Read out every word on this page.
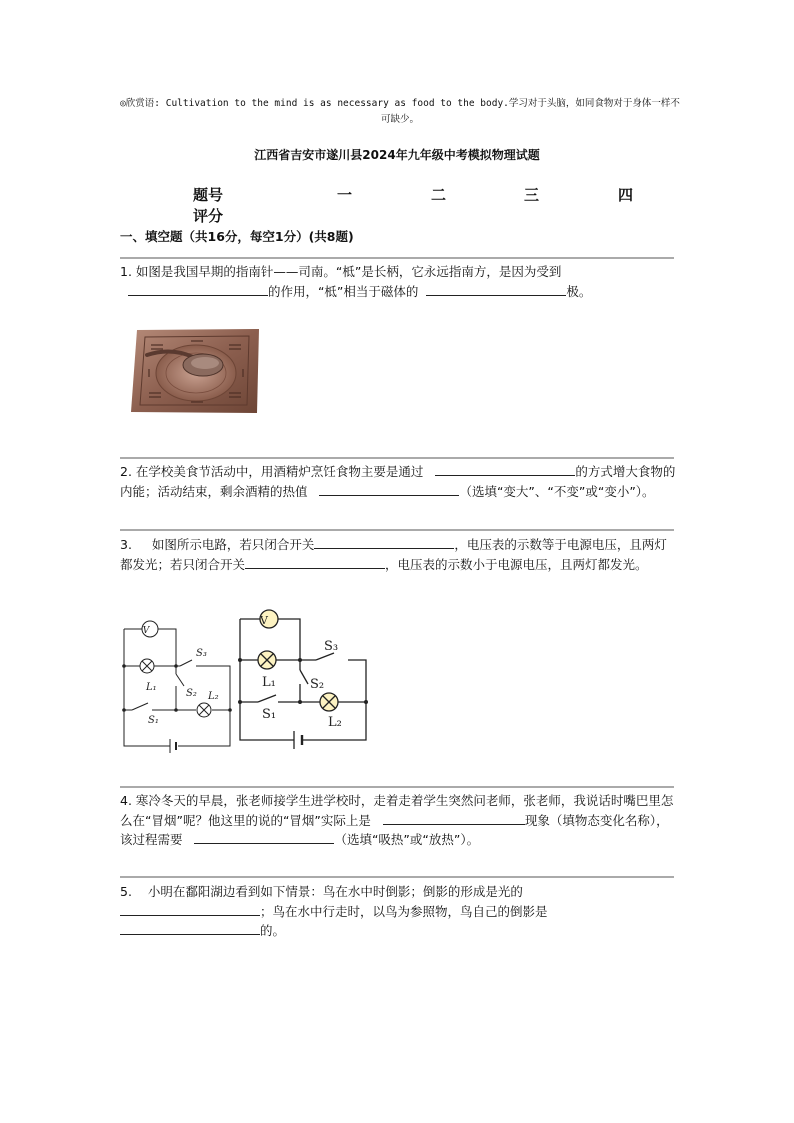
◎欣赏语: Cultivation to the mind is as necessary as food to the body.学习对于头脑，如同食物对于身体一样不可缺少。
江西省吉安市遂川县2024年九年级中考模拟物理试题
题号	一	二	三	四
评分
一、填空题（共16分，每空1分）(共8题)
1. 如图是我国早期的指南针——司南。“柢”是长柄，它永远指南方，是因为受到
的作用，“柢”相当于磁体的	极。
2. 在学校美食节活动中，用酒精炉烹饪食物主要是通过	的方式增大食物的内能；活动结束，剩余酒精的热值	（选填“变大”、“不变”或“变小”）。
3. 如图所示电路，若只闭合开关	，电压表的示数等于电源电压，且两灯都发光；若只闭合开关	，电压表的示数小于电源电压，且两灯都发光。
V
S₃
S₂ L₂
L₁
S₁
V
S₃
S₂
L₁
S₁
L₂
4. 寒冷冬天的早晨，张老师接学生进学校时，走着走着学生突然问老师，张老师，我说话时嘴巴里怎么在“冒烟”呢？他这里的说的“冒烟”实际上是	现象（填物态变化名称），该过程需要	（选填“吸热”或“放热”）。
5. 小明在鄱阳湖边看到如下情景：鸟在水中时倒影；倒影的形成是光的
；鸟在水中行走时，以鸟为参照物，鸟自己的倒影是
的。
